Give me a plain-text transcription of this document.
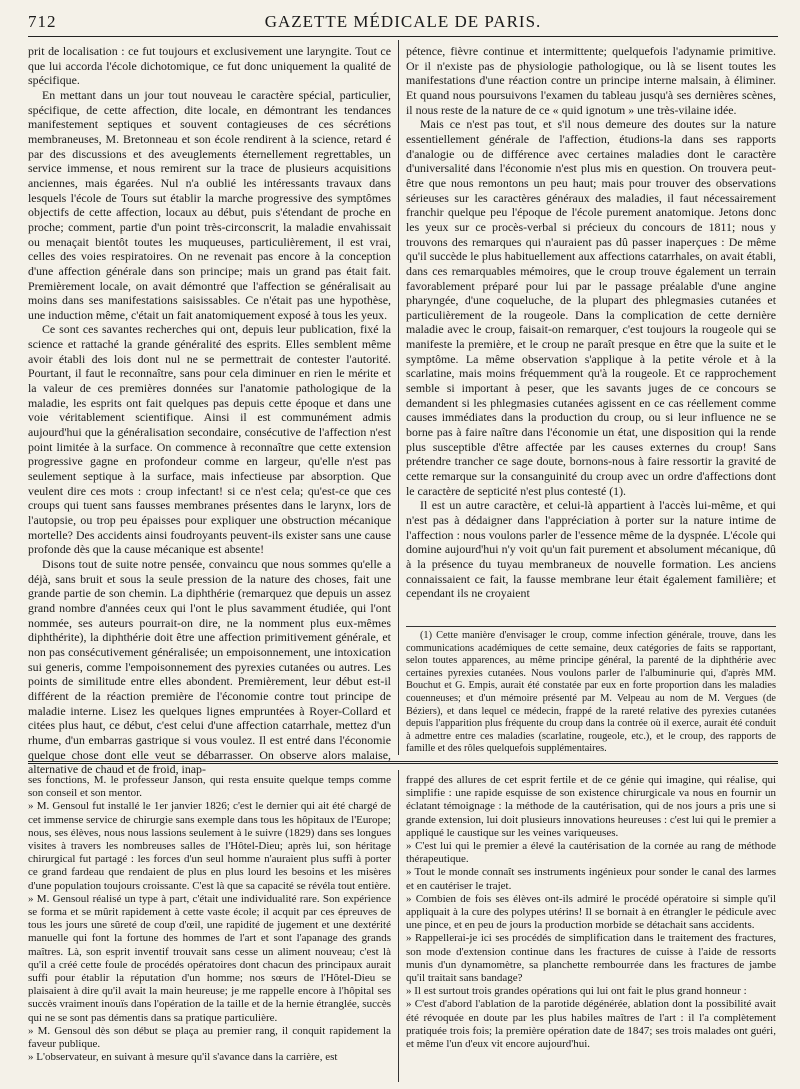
712	GAZETTE MÉDICALE DE PARIS.

prit de localisation : ce fut toujours et exclusivement une laryngite. Tout ce que lui accorda l'école dichotomique, ce fut donc uniquement la qualité de spécifique.

En mettant dans un jour tout nouveau le caractère spécial, particulier, spécifique, de cette affection, dite locale, en démontrant les tendances manifestement septiques et souvent contagieuses de ces sécrétions membraneuses, M. Bretonneau et son école rendirent à la science, retard é par des discussions et des aveuglements éternellement regrettables, un service immense, et nous remirent sur la trace de plusieurs acquisitions anciennes, mais égarées. Nul n'a oublié les intéressants travaux dans lesquels l'école de Tours sut établir la marche progressive des symptômes objectifs de cette affection, locaux au début, puis s'étendant de proche en proche; comment, partie d'un point très-circonscrit, la maladie envahissait ou menaçait bientôt toutes les muqueuses, particulièrement, il est vrai, celles des voies respiratoires. On ne revenait pas encore à la conception d'une affection générale dans son principe; mais un grand pas était fait. Premièrement locale, on avait démontré que l'affection se généralisait au moins dans ses manifestations saisissables. Ce n'était pas une hypothèse, une induction même, c'était un fait anatomiquement exposé à tous les yeux.

Ce sont ces savantes recherches qui ont, depuis leur publication, fixé la science et rattaché la grande généralité des esprits. Elles semblent même avoir établi des lois dont nul ne se permettrait de contester l'autorité. Pourtant, il faut le reconnaître, sans pour cela diminuer en rien le mérite et la valeur de ces premières données sur l'anatomie pathologique de la maladie, les esprits ont fait quelques pas depuis cette époque et dans une voie véritablement scientifique. Ainsi il est communément admis aujourd'hui que la généralisation secondaire, consécutive de l'affection n'est point limitée à la surface. On commence à reconnaître que cette extension progressive gagne en profondeur comme en largeur, qu'elle n'est pas seulement septique à la surface, mais infectieuse par absorption. Que veulent dire ces mots : croup infectant! si ce n'est cela; qu'est-ce que ces croups qui tuent sans fausses membranes présentes dans le larynx, lors de l'autopsie, ou trop peu épaisses pour expliquer une obstruction mécanique mortelle? Des accidents ainsi foudroyants peuvent-ils exister sans une cause profonde dès que la cause mécanique est absente!

Disons tout de suite notre pensée, convaincu que nous sommes qu'elle a déjà, sans bruit et sous la seule pression de la nature des choses, fait une grande partie de son chemin. La diphthérie (remarquez que depuis un assez grand nombre d'années ceux qui l'ont le plus savamment étudiée, qui l'ont nommée, ses auteurs pourrait-on dire, ne la nomment plus eux-mêmes diphthérite), la diphthérie doit être une affection primitivement générale, et non pas consécutivement généralisée; un empoisonnement, une intoxication sui generis, comme l'empoisonnement des pyrexies cutanées ou autres. Les points de similitude entre elles abondent. Premièrement, leur début est-il différent de la réaction première de l'économie contre tout principe de maladie interne. Lisez les quelques lignes empruntées à Royer-Collard et citées plus haut, ce début, c'est celui d'une affection catarrhale, mettez d'un rhume, d'un embarras gastrique si vous voulez. Il est entré dans l'économie quelque chose dont elle veut se débarrasser. On observe alors malaise, alternative de chaud et de froid, inap-

pétence, fièvre continue et intermittente; quelquefois l'adynamie primitive. Or il n'existe pas de physiologie pathologique, ou là se lisent toutes les manifestations d'une réaction contre un principe interne malsain, à éliminer. Et quand nous poursuivons l'examen du tableau jusqu'à ses dernières scènes, il nous reste de la nature de ce « quid ignotum » une très-vilaine idée.

Mais ce n'est pas tout, et s'il nous demeure des doutes sur la nature essentiellement générale de l'affection, étudions-la dans ses rapports d'analogie ou de différence avec certaines maladies dont le caractère d'universalité dans l'économie n'est plus mis en question. On trouvera peut-être que nous remontons un peu haut; mais pour trouver des observations sérieuses sur les caractères généraux des maladies, il faut nécessairement franchir quelque peu l'époque de l'école purement anatomique. Jetons donc les yeux sur ce procès-verbal si précieux du concours de 1811; nous y trouvons des remarques qui n'auraient pas dû passer inaperçues : De même qu'il succède le plus habituellement aux affections catarrhales, on avait établi, dans ces remarquables mémoires, que le croup trouve également un terrain favorablement préparé pour lui par le passage préalable d'une angine pharyngée, d'une coqueluche, de la plupart des phlegmasies cutanées et particulièrement de la rougeole. Dans la complication de cette dernière maladie avec le croup, faisait-on remarquer, c'est toujours la rougeole qui se manifeste la première, et le croup ne paraît presque en être que la suite et le symptôme. La même observation s'applique à la petite vérole et à la scarlatine, mais moins fréquemment qu'à la rougeole. Et ce rapprochement semble si important à peser, que les savants juges de ce concours se demandent si les phlegmasies cutanées agissent en ce cas réellement comme causes immédiates dans la production du croup, ou si leur influence ne se borne pas à faire naître dans l'économie un état, une disposition qui la rende plus susceptible d'être affectée par les causes externes du croup! Sans prétendre trancher ce sage doute, bornons-nous à faire ressortir la gravité de cette remarque sur la consanguinité du croup avec un ordre d'affections dont le caractère de septicité n'est plus contesté (1).

Il est un autre caractère, et celui-là appartient à l'accès lui-même, et qui n'est pas à dédaigner dans l'appréciation à porter sur la nature intime de l'affection : nous voulons parler de l'essence même de la dyspnée. L'école qui domine aujourd'hui n'y voit qu'un fait purement et absolument mécanique, dû à la présence du tuyau membraneux de nouvelle formation. Les anciens connaissaient ce fait, la fausse membrane leur était également familière; et cependant ils ne croyaient

(1) Cette manière d'envisager le croup, comme infection générale, trouve, dans les communications académiques de cette semaine, deux catégories de faits se rapportant, selon toutes apparences, au même principe général, la parenté de la diphthérie avec certaines pyrexies cutanées. Nous voulons parler de l'albuminurie qui, d'après MM. Bouchut et G. Empis, aurait été constatée par eux en forte proportion dans les maladies couenneuses; et d'un mémoire présenté par M. Velpeau au nom de M. Vergues (de Béziers), et dans lequel ce médecin, frappé de la rareté relative des pyrexies cutanées depuis l'apparition plus fréquente du croup dans la contrée où il exerce, aurait été conduit à admettre entre ces maladies (scarlatine, rougeole, etc.), et le croup, des rapports de famille et des rôles quelquefois supplémentaires.

ses fonctions, M. le professeur Janson, qui resta ensuite quelque temps comme son conseil et son mentor.

» M. Gensoul fut installé le 1er janvier 1826; c'est le dernier qui ait été chargé de cet immense service de chirurgie sans exemple dans tous les hôpitaux de l'Europe; nous, ses élèves, nous nous lassions seulement à le suivre (1829) dans ses longues visites à travers les nombreuses salles de l'Hôtel-Dieu; après lui, son héritage chirurgical fut partagé : les forces d'un seul homme n'auraient plus suffi à porter ce grand fardeau que rendaient de plus en plus lourd les besoins et les misères d'une population toujours croissante. C'est là que sa capacité se révéla tout entière.

» M. Gensoul réalisé un type à part, c'était une individualité rare. Son expérience se forma et se mûrit rapidement à cette vaste école; il acquit par ces épreuves de tous les jours une sûreté de coup d'œil, une rapidité de jugement et une dextérité manuelle qui font la fortune des hommes de l'art et sont l'apanage des grands maîtres. Là, son esprit inventif trouvait sans cesse un aliment nouveau; c'est là qu'il a créé cette foule de procédés opératoires dont chacun des principaux aurait suffi pour établir la réputation d'un homme; nos sœurs de l'Hôtel-Dieu se plaisaient à dire qu'il avait la main heureuse; je me rappelle encore à l'hôpital ses succès vraiment inouïs dans l'opération de la taille et de la hernie étranglée, succès qui ne se sont pas démentis dans sa pratique particulière.

» M. Gensoul dès son début se plaça au premier rang, il conquit rapidement la faveur publique.

» L'observateur, en suivant à mesure qu'il s'avance dans la carrière, est

frappé des allures de cet esprit fertile et de ce génie qui imagine, qui réalise, qui simplifie : une rapide esquisse de son existence chirurgicale va nous en fournir un éclatant témoignage : la méthode de la cautérisation, qui de nos jours a pris une si grande extension, lui doit plusieurs innovations heureuses : c'est lui qui le premier a appliqué le caustique sur les veines variqueuses.

» C'est lui qui le premier a élevé la cautérisation de la cornée au rang de méthode thérapeutique.

» Tout le monde connaît ses instruments ingénieux pour sonder le canal des larmes et en cautériser le trajet.

» Combien de fois ses élèves ont-ils admiré le procédé opératoire si simple qu'il appliquait à la cure des polypes utérins! Il se bornait à en étrangler le pédicule avec une pince, et en peu de jours la production morbide se détachait sans accidents.

» Rappellerai-je ici ses procédés de simplification dans le traitement des fractures, son mode d'extension continue dans les fractures de cuisse à l'aide de ressorts munis d'un dynamomètre, sa planchette rembourrée dans les fractures de jambe qu'il traitait sans bandage?

» Il est surtout trois grandes opérations qui lui ont fait le plus grand honneur :

» C'est d'abord l'ablation de la parotide dégénérée, ablation dont la possibilité avait été révoquée en doute par les plus habiles maîtres de l'art : il l'a complètement pratiquée trois fois; la première opération date de 1847; ses trois malades ont guéri, et même l'un d'eux vit encore aujourd'hui.
